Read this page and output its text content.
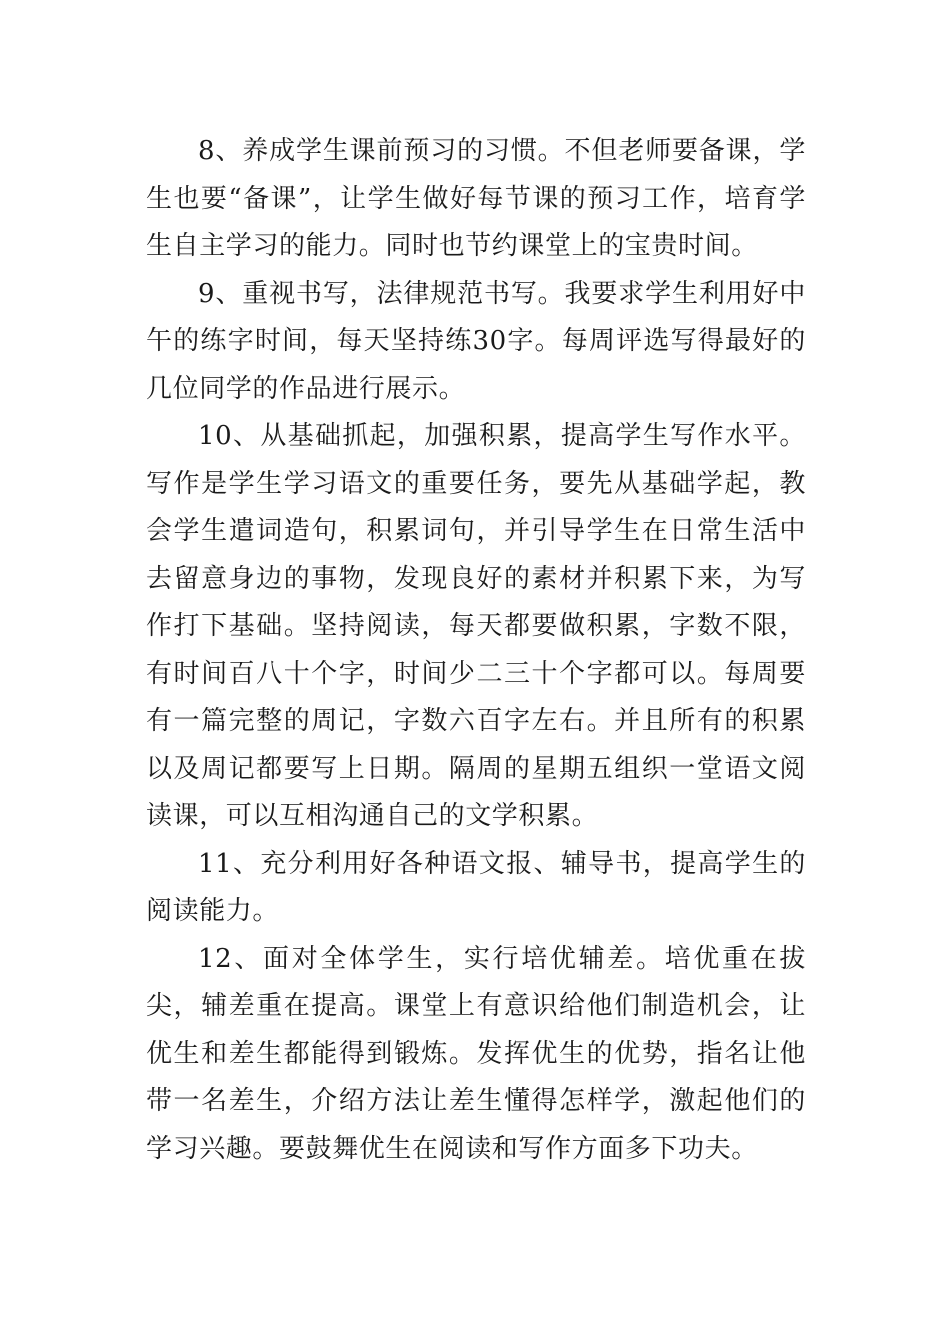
8、养成学生课前预习的习惯。不但老师要备课，学生也要“备课”，让学生做好每节课的预习工作，培育学生自主学习的能力。同时也节约课堂上的宝贵时间。

9、重视书写，法律规范书写。我要求学生利用好中午的练字时间，每天坚持练30字。每周评选写得最好的几位同学的作品进行展示。

10、从基础抓起，加强积累，提高学生写作水平。写作是学生学习语文的重要任务，要先从基础学起，教会学生遣词造句，积累词句，并引导学生在日常生活中去留意身边的事物，发现良好的素材并积累下来，为写作打下基础。坚持阅读，每天都要做积累，字数不限，有时间百八十个字，时间少二三十个字都可以。每周要有一篇完整的周记，字数六百字左右。并且所有的积累以及周记都要写上日期。隔周的星期五组织一堂语文阅读课，可以互相沟通自己的文学积累。

11、充分利用好各种语文报、辅导书，提高学生的阅读能力。

12、面对全体学生，实行培优辅差。培优重在拔尖，辅差重在提高。课堂上有意识给他们制造机会，让优生和差生都能得到锻炼。发挥优生的优势，指名让他带一名差生，介绍方法让差生懂得怎样学，激起他们的学习兴趣。要鼓舞优生在阅读和写作方面多下功夫。
